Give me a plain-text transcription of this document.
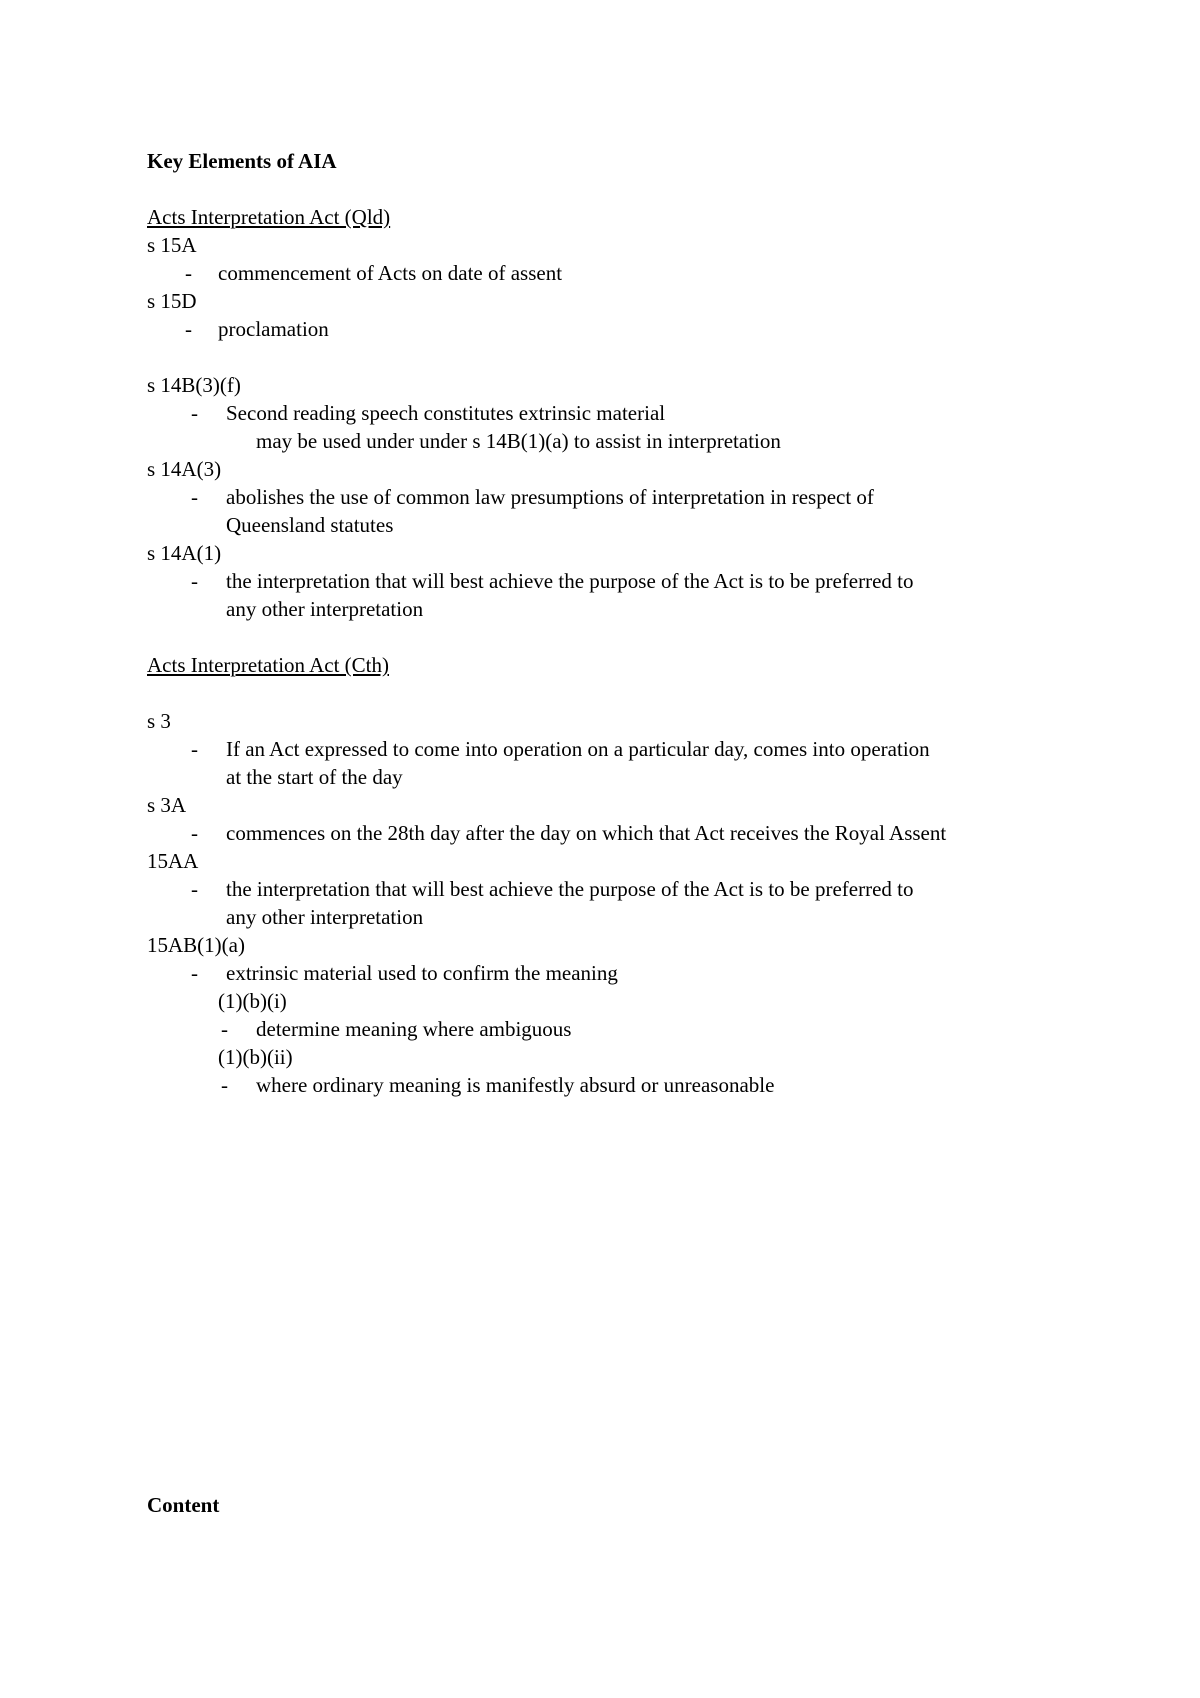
Key Elements of AIA
Acts Interpretation Act (Qld)
s 15A
- commencement of Acts on date of assent
s 15D
- proclamation
s 14B(3)(f)
- Second reading speech constitutes extrinsic material
may be used under under s 14B(1)(a) to assist in interpretation
s 14A(3)
- abolishes the use of common law presumptions of interpretation in respect of
Queensland statutes
s 14A(1)
- the interpretation that will best achieve the purpose of the Act is to be preferred to
any other interpretation
Acts Interpretation Act (Cth)
s 3
- If an Act expressed to come into operation on a particular day, comes into operation
at the start of the day
s 3A
- commences on the 28th day after the day on which that Act receives the Royal Assent
15AA
- the interpretation that will best achieve the purpose of the Act is to be preferred to
any other interpretation
15AB(1)(a)
- extrinsic material used to confirm the meaning
(1)(b)(i)
- determine meaning where ambiguous
(1)(b)(ii)
- where ordinary meaning is manifestly absurd or unreasonable
Content
